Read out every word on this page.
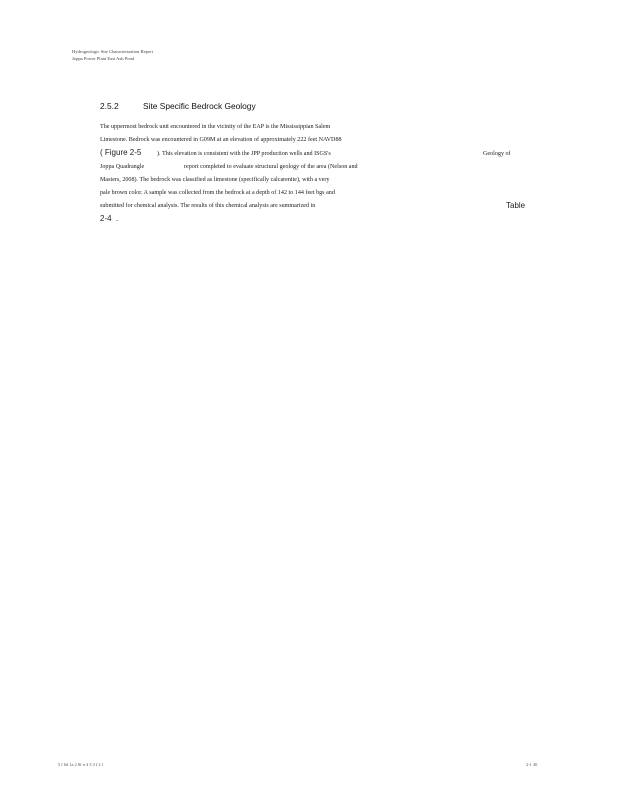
Hydrogeologic Site Characterization Report
Joppa Power Plant East Ash Pond
2.5.2	Site Specific Bedrock Geology
The uppermost bedrock unit encountered in the vicinity of the EAP is the Mississippian Salem
Limestone. Bedrock was encountered in G09M at an elevation of approximately 222 feet NAVD88
( Figure 2-5	). This elevation is consistent with the JPP production wells and ISGS's	Geology of
Joppa Quadrangle	report completed to evaluate structural geology of the area (Nelson and
Masters, 2008). The bedrock was classified as limestone (specifically calcarenite), with a very
pale brown color. A sample was collected from the bedrock at a depth of 142 to 144 feet bgs and
submitted for chemical analysis. The results of this chemical analysis are summarized in	Table
2-4 .
5 f 6d 1a 2 8f n 4 3 3 f 2 f	2-1 40
